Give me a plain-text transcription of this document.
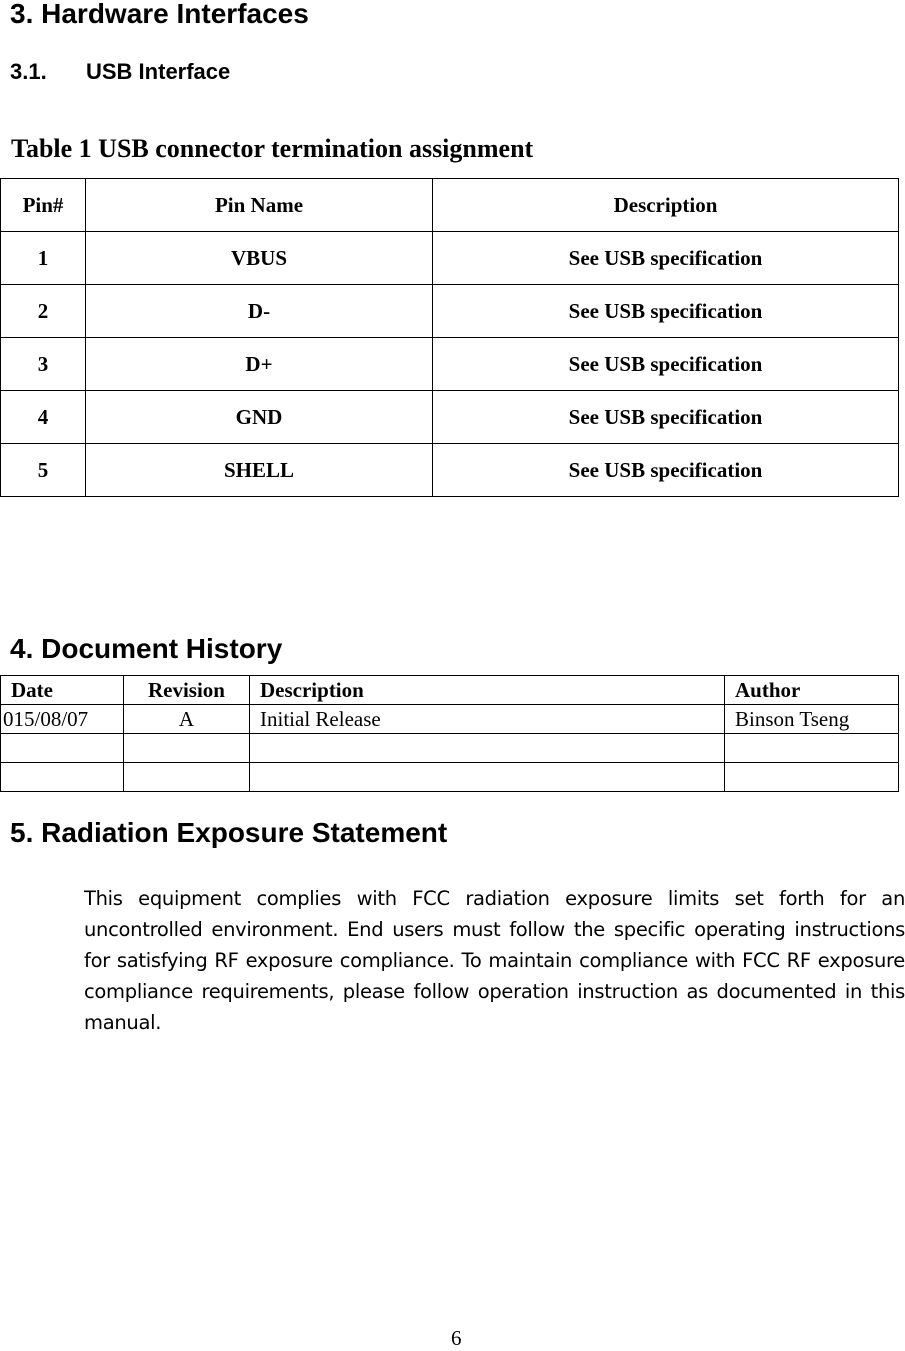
3. Hardware Interfaces
3.1. USB Interface
Table 1 USB connector termination assignment
Pin#	Pin Name	Description
1	VBUS	See USB specification
2	D-	See USB specification
3	D+	See USB specification
4	GND	See USB specification
5	SHELL	See USB specification
4. Document History
Date	Revision	Description	Author
015/08/07	A	Initial Release	Binson Tseng

5. Radiation Exposure Statement
This equipment complies with FCC radiation exposure limits set forth for an uncontrolled environment. End users must follow the specific operating instructions for satisfying RF exposure compliance. To maintain compliance with FCC RF exposure compliance requirements, please follow operation instruction as documented in this manual.
6
